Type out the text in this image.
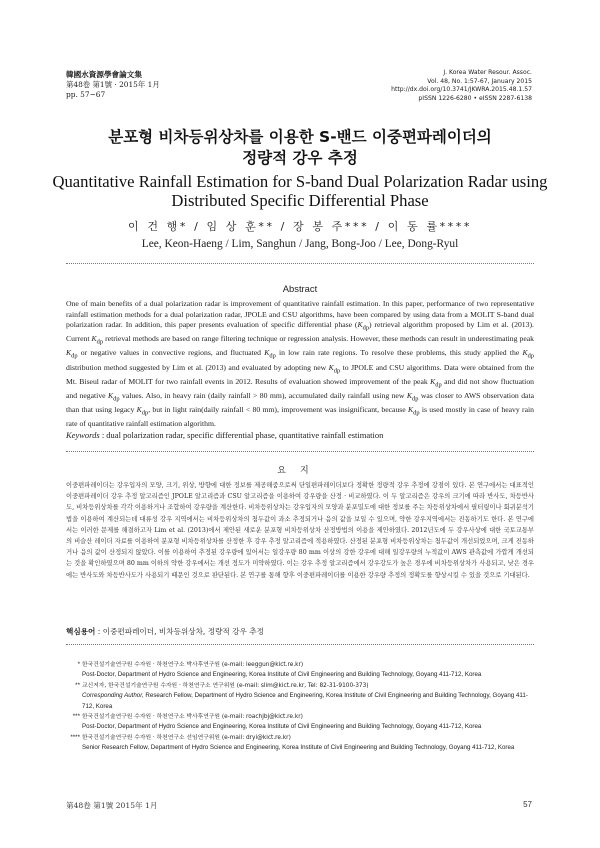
韓國水資源學會論文集
第48卷 第1號 · 2015年 1月
pp. 57~67
J. Korea Water Resour. Assoc.
Vol. 48, No. 1:57-67, January 2015
http://dx.doi.org/10.3741/JKWRA.2015.48.1.57
pISSN 1226-6280 • eISSN 2287-6138
분포형 비차등위상차를 이용한 S-밴드 이중편파레이더의
정량적 강우 추정
Quantitative Rainfall Estimation for S-band Dual Polarization Radar using
Distributed Specific Differential Phase
이 건 행* / 임 상 훈** / 장 봉 주*** / 이 동 률****
Lee, Keon-Haeng / Lim, Sanghun / Jang, Bong-Joo / Lee, Dong-Ryul
Abstract
One of main benefits of a dual polarization radar is improvement of quantitative rainfall estimation. In this paper, performance of two representative rainfall estimation methods for a dual polarization radar, JPOLE and CSU algorithms, have been compared by using data from a MOLIT S-band dual polarization radar. In addition, this paper presents evaluation of specific differential phase $(K_{dp})$ retrieval algorithm proposed by Lim et al. (2013). Current $K_{dp}$ retrieval methods are based on range filtering technique or regression analysis. However, these methods can result in underestimating peak $K_{dp}$ or negative values in convective regions, and fluctuated $K_{dp}$ in low rain rate regions. To resolve these problems, this study applied the $K_{dp}$ distribution method suggested by Lim et al. (2013) and evaluated by adopting new $K_{dp}$ to JPOLE and CSU algorithms. Data were obtained from the Mt. Biseul radar of MOLIT for two rainfall events in 2012. Results of evaluation showed improvement of the peak $K_{dp}$ and did not show fluctuation and negative $K_{dp}$ values. Also, in heavy rain (daily rainfall > 80 mm), accumulated daily rainfall using new $K_{dp}$ was closer to AWS observation data than that using legacy $K_{dp}$, but in light rain(daily rainfall < 80 mm), improvement was insignificant, because $K_{dp}$ is used mostly in case of heavy rain rate of quantitative rainfall estimation algorithm.
Keywords : dual polarization radar, specific differential phase, quantitative rainfall estimation
요지
이중편파레이더는 강우입자의 모양, 크기, 위상, 방향에 대한 정보를 제공해줌으로써 단일편파레이더보다 정확한 정량적 강우 추정에 강점이 있다. 본 연구에서는 대표적인 이중편파레이더 강우 추정 알고리즘인 JPOLE 알고리즘과 CSU 알고리즘을 이용하여 강우량을 산정 · 비교하였다. 이 두 알고리즘은 강우의 크기에 따라 반사도, 차등반사도, 비차등위상차를 각각 이용하거나 조합하여 강우량을 계산한다. 비차등위상차는 강우입자의 모양과 분포밀도에 대한 정보를 주는 차등위상차에서 필터링이나 회귀분석기법을 이용하여 계산되는데 대류성 강우 지역에서는 비차등위상차의 첨두값이 과소 추정되거나 음의 값을 보일 수 있으며, 약한 강우지역에서는 진동하기도 한다. 본 연구에서는 이러한 문제를 해결하고자 Lim et al. (2013)에서 제안된 새로운 분포형 비차등위상차 산정방법의 이용을 제안하였다. 2012년도에 두 강우사상에 대한 국토교통부의 비슬산 레이더 자료를 이용하여 분포형 비차등위상차를 산정한 후 강우 추정 알고리즘에 적용하였다. 산정된 분포형 비차등위상차는 첨두값이 개선되었으며, 크게 진동하거나 음의 값이 산정되지 않았다. 이를 이용하여 추정된 강우량에 있어서는 일강우량 80 mm 이상의 강한 강우에 대해 일강우량의 누적값이 AWS 관측값에 가깝게 개선되는 것을 확인하였으며 80 mm 이하의 약한 강우에서는 개선 정도가 미약하였다. 이는 강우 추정 알고리즘에서 강우강도가 높은 경우에 비차등위상차가 사용되고, 낮은 경우에는 반사도와 차등반사도가 사용되기 때문인 것으로 판단된다. 본 연구를 통해 향후 이중편파레이더를 이용한 강우량 추정의 정확도를 향상시킬 수 있을 것으로 기대된다.
핵심용어 : 이중편파레이더, 비차등위상차, 정량적 강우 추정
* 한국건설기술연구원 수자원 · 하천연구소 박사후연구원 (e-mail: leeggun@kict.re.kr)
Post-Doctor, Department of Hydro Science and Engineering, Korea Institute of Civil Engineering and Building Technology, Goyang 411-712, Korea
** 교신저자, 한국건설기술연구원 수자원 · 하천연구소 연구위원 (e-mail: slim@kict.re.kr, Tel: 82-31-9100-373)
Corresponding Author, Research Fellow, Department of Hydro Science and Engineering, Korea Institute of Civil Engineering and Building Technology, Goyang 411-712, Korea
*** 한국건설기술연구원 수자원 · 하천연구소 박사후연구원 (e-mail: roachjbj@kict.re.kr)
Post-Doctor, Department of Hydro Science and Engineering, Korea Institute of Civil Engineering and Building Technology, Goyang 411-712, Korea
**** 한국건설기술연구원 수자원 · 하천연구소 선임연구위원 (e-mail: dryi@kict.re.kr)
Senior Research Fellow, Department of Hydro Science and Engineering, Korea Institute of Civil Engineering and Building Technology, Goyang 411-712, Korea
第48卷 第1號 2015年 1月	57
